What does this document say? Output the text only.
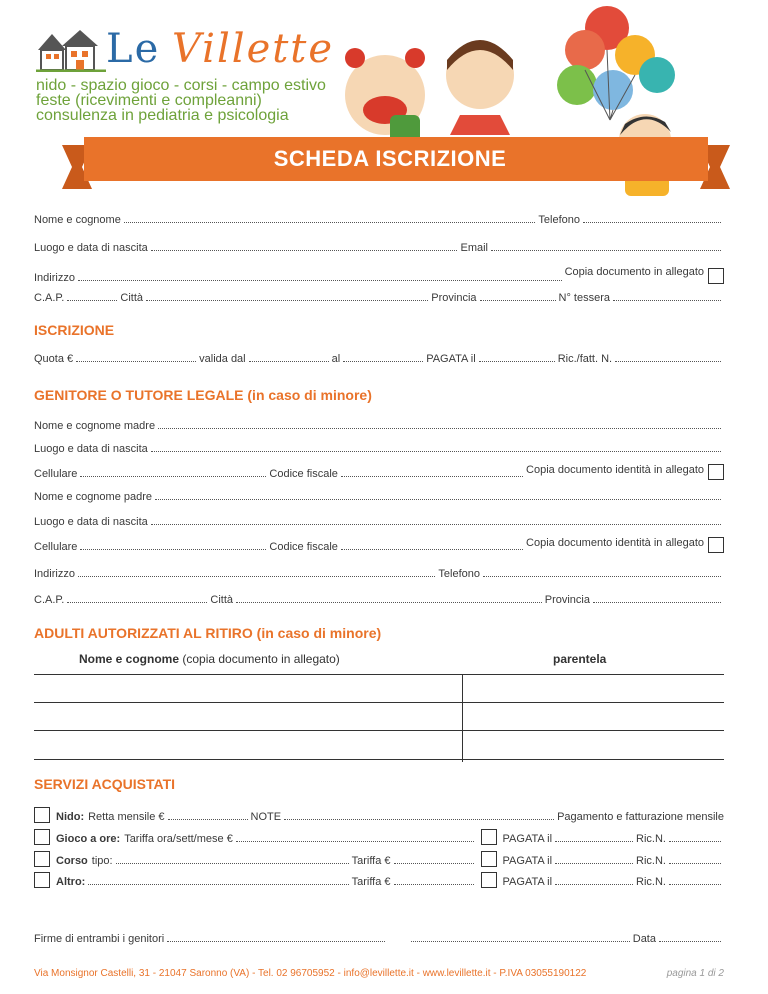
Le Villette
nido - spazio gioco - corsi - campo estivo
feste (ricevimenti e compleanni)
consulenza in pediatria e psicologia
SCHEDA ISCRIZIONE
Nome e cognome	Telefono
Luogo e data di nascita	Email
Indirizzo	Copia documento in allegato
C.A.P.	Città	Provincia	N° tessera
ISCRIZIONE
Quota €	valida dal	al	PAGATA il	Ric./fatt. N.
GENITORE O TUTORE LEGALE (in caso di minore)
Nome e cognome madre
Luogo e data di nascita
Cellulare	Codice fiscale	Copia documento identità in allegato
Nome e cognome padre
Luogo e data di nascita
Cellulare	Codice fiscale	Copia documento identità in allegato
Indirizzo	Telefono
C.A.P.	Città	Provincia
ADULTI AUTORIZZATI AL RITIRO (in caso di minore)
Nome e cognome (copia documento in allegato)	parentela
SERVIZI ACQUISTATI
Nido: Retta mensile €	NOTE	Pagamento e fatturazione mensile
Gioco a ore: Tariffa ora/sett/mese €	PAGATA il	Ric.N.
Corso tipo:	Tariffa €	PAGATA il	Ric.N.
Altro:	Tariffa €	PAGATA il	Ric.N.
Firme di entrambi i genitori	Data
Via Monsignor Castelli, 31 - 21047 Saronno (VA) - Tel. 02 96705952 - info@levillette.it - www.levillette.it - P.IVA 03055190122	pagina 1 di 2
